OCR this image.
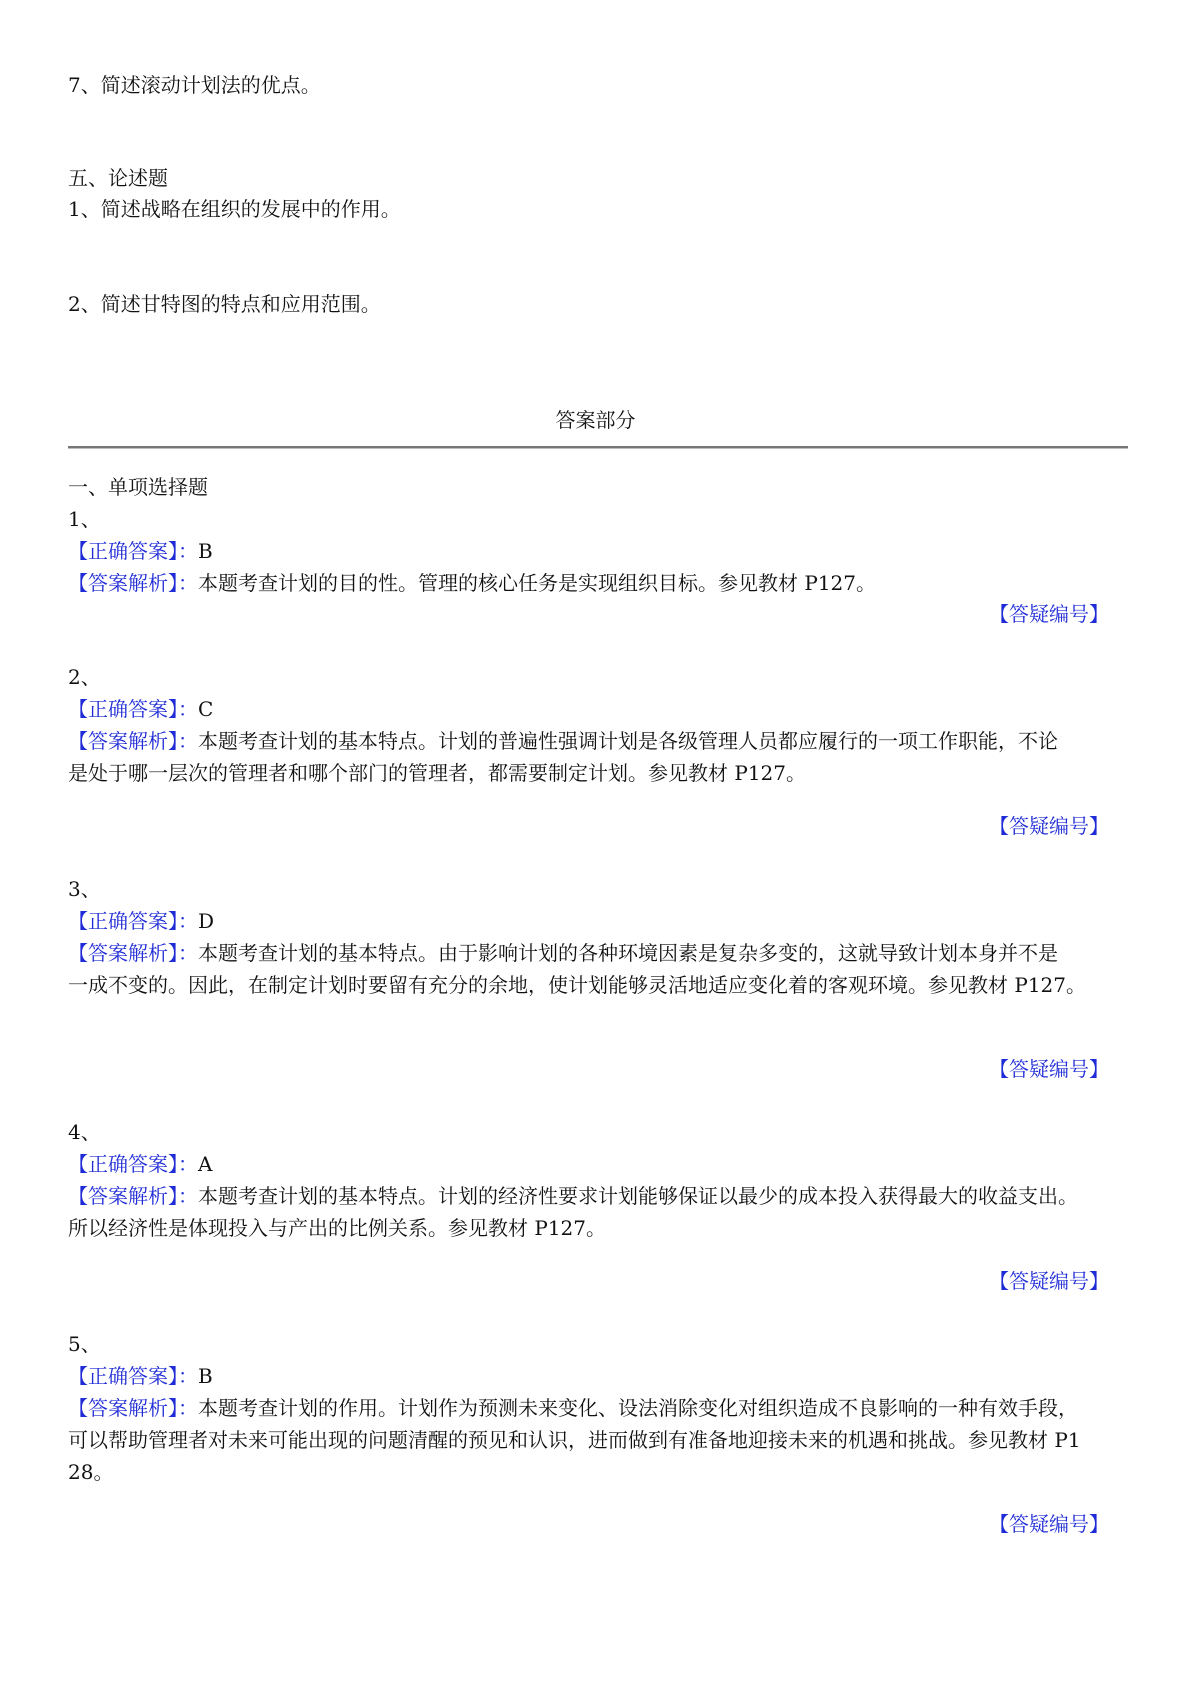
7、简述滚动计划法的优点。
五、论述题
1、简述战略在组织的发展中的作用。
2、简述甘特图的特点和应用范围。
答案部分
一、单项选择题
1、
【正确答案】：B
【答案解析】：本题考查计划的目的性。管理的核心任务是实现组织目标。参见教材 P127。
【答疑编号】
2、
【正确答案】：C
【答案解析】：本题考查计划的基本特点。计划的普遍性强调计划是各级管理人员都应履行的一项工作职能，不论
是处于哪一层次的管理者和哪个部门的管理者，都需要制定计划。参见教材 P127。
【答疑编号】
3、
【正确答案】：D
【答案解析】：本题考查计划的基本特点。由于影响计划的各种环境因素是复杂多变的，这就导致计划本身并不是
一成不变的。因此，在制定计划时要留有充分的余地，使计划能够灵活地适应变化着的客观环境。参见教材 P127。
【答疑编号】
4、
【正确答案】：A
【答案解析】：本题考查计划的基本特点。计划的经济性要求计划能够保证以最少的成本投入获得最大的收益支出。
所以经济性是体现投入与产出的比例关系。参见教材 P127。
【答疑编号】
5、
【正确答案】：B
【答案解析】：本题考查计划的作用。计划作为预测未来变化、设法消除变化对组织造成不良影响的一种有效手段，
可以帮助管理者对未来可能出现的问题清醒的预见和认识，进而做到有准备地迎接未来的机遇和挑战。参见教材 P1
28。
【答疑编号】
